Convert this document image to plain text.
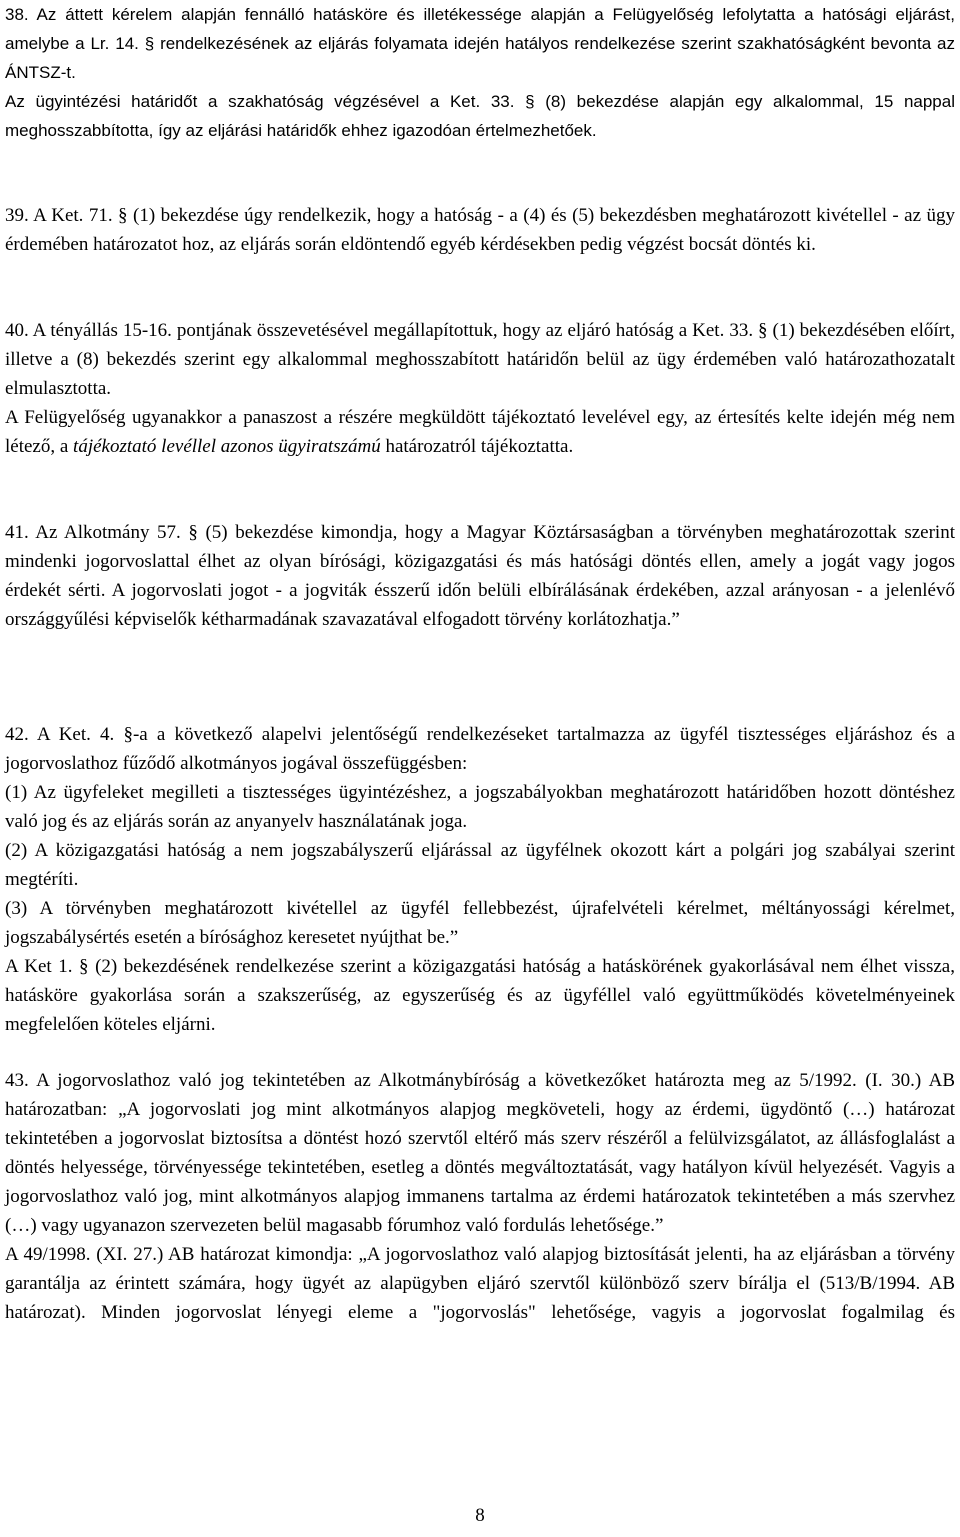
38. Az áttett kérelem alapján fennálló hatásköre és illetékessége alapján a Felügyelőség lefolytatta a hatósági eljárást, amelybe a Lr. 14. § rendelkezésének az eljárás folyamata idején hatályos rendelkezése szerint szakhatóságként bevonta az ÁNTSZ-t.

Az ügyintézési határidőt a szakhatóság végzésével a Ket. 33. § (8) bekezdése alapján egy alkalommal, 15 nappal meghosszabbította, így az eljárási határidők ehhez igazodóan értelmezhetőek.

39. A Ket. 71. § (1) bekezdése úgy rendelkezik, hogy a hatóság - a (4) és (5) bekezdésben meghatározott kivétellel - az ügy érdemében határozatot hoz, az eljárás során eldöntendő egyéb kérdésekben pedig végzést bocsát döntés ki.

40. A tényállás 15-16. pontjának összevetésével megállapítottuk, hogy az eljáró hatóság a Ket. 33. § (1) bekezdésében előírt, illetve a (8) bekezdés szerint egy alkalommal meghosszabított határidőn belül az ügy érdemében való határozathozatalt elmulasztotta.

A Felügyelőség ugyanakkor a panaszost a részére megküldött tájékoztató levelével egy, az értesítés kelte idején még nem létező, a tájékoztató levéllel azonos ügyiratszámú határozatról tájékoztatta.

41. Az Alkotmány 57. § (5) bekezdése kimondja, hogy a Magyar Köztársaságban a törvényben meghatározottak szerint mindenki jogorvoslattal élhet az olyan bírósági, közigazgatási és más hatósági döntés ellen, amely a jogát vagy jogos érdekét sérti. A jogorvoslati jogot - a jogviták ésszerű időn belüli elbírálásának érdekében, azzal arányosan - a jelenlévő országgyűlési képviselők kétharmadának szavazatával elfogadott törvény korlátozhatja.”

42. A Ket. 4. §-a a következő alapelvi jelentőségű rendelkezéseket tartalmazza az ügyfél tisztességes eljáráshoz és a jogorvoslathoz fűződő alkotmányos jogával összefüggésben:

(1) Az ügyfeleket megilleti a tisztességes ügyintézéshez, a jogszabályokban meghatározott határidőben hozott döntéshez való jog és az eljárás során az anyanyelv használatának joga.

(2) A közigazgatási hatóság a nem jogszabályszerű eljárással az ügyfélnek okozott kárt a polgári jog szabályai szerint megtéríti.

(3) A törvényben meghatározott kivétellel az ügyfél fellebbezést, újrafelvételi kérelmet, méltányossági kérelmet, jogszabálysértés esetén a bírósághoz keresetet nyújthat be.”

A Ket 1. § (2) bekezdésének rendelkezése szerint a közigazgatási hatóság a hatáskörének gyakorlásával nem élhet vissza, hatásköre gyakorlása során a szakszerűség, az egyszerűség és az ügyféllel való együttműködés követelményeinek megfelelően köteles eljárni.

43. A jogorvoslathoz való jog tekintetében az Alkotmánybíróság a következőket határozta meg az 5/1992. (I. 30.) AB határozatban: „A jogorvoslati jog mint alkotmányos alapjog megköveteli, hogy az érdemi, ügydöntő (…) határozat tekintetében a jogorvoslat biztosítsa a döntést hozó szervtől eltérő más szerv részéről a felülvizsgálatot, az állásfoglalást a döntés helyessége, törvényessége tekintetében, esetleg a döntés megváltoztatását, vagy hatályon kívül helyezését. Vagyis a jogorvoslathoz való jog, mint alkotmányos alapjog immanens tartalma az érdemi határozatok tekintetében a más szervhez (…) vagy ugyanazon szervezeten belül magasabb fórumhoz való fordulás lehetősége.”

A 49/1998. (XI. 27.) AB határozat kimondja: „A jogorvoslathoz való alapjog biztosítását jelenti, ha az eljárásban a törvény garantálja az érintett számára, hogy ügyét az alapügyben eljáró szervtől különböző szerv bírálja el (513/B/1994. AB határozat). Minden jogorvoslat lényegi eleme a "jogorvoslás" lehetősége, vagyis a jogorvoslat fogalmilag és

8
